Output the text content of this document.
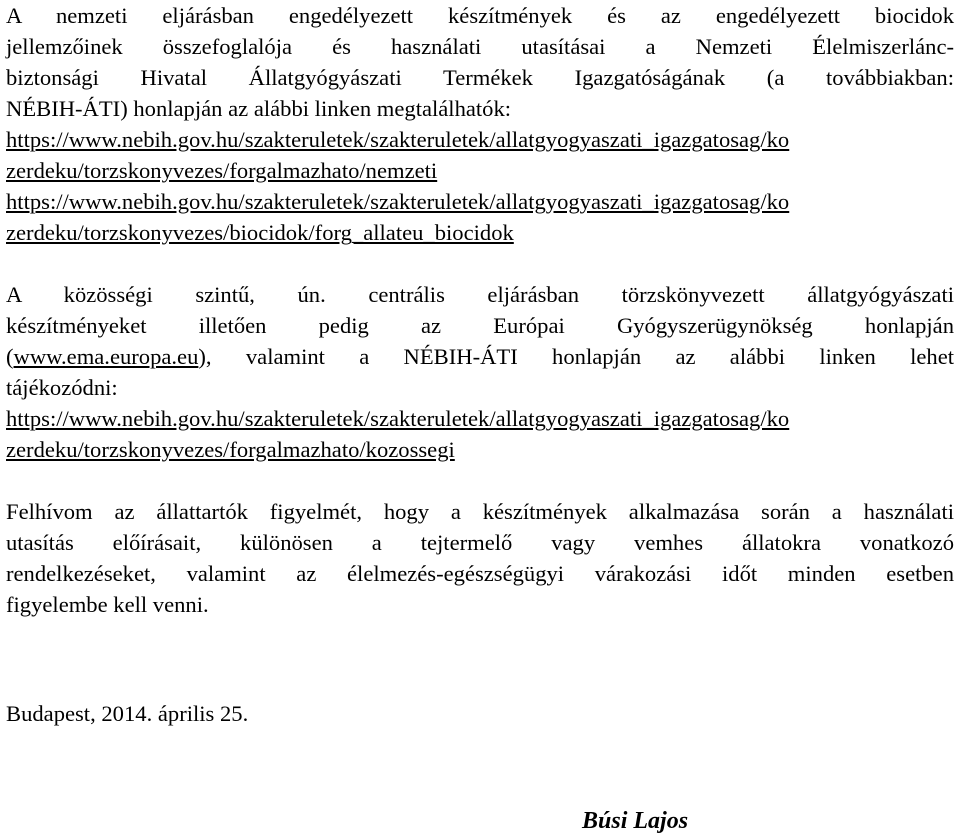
A nemzeti eljárásban engedélyezett készítmények és az engedélyezett biocidok
jellemzőinek összefoglalója és használati utasításai a Nemzeti Élelmiszerlánc-
biztonsági Hivatal Állatgyógyászati Termékek Igazgatóságának (a továbbiakban:
NÉBIH-ÁTI) honlapján az alábbi linken megtalálhatók:
https://www.nebih.gov.hu/szakteruletek/szakteruletek/allatgyogyaszati_igazgatosag/ko
zerdeku/torzskonyvezes/forgalmazhato/nemzeti
https://www.nebih.gov.hu/szakteruletek/szakteruletek/allatgyogyaszati_igazgatosag/ko
zerdeku/torzskonyvezes/biocidok/forg_allateu_biocidok
A közösségi szintű, ún. centrális eljárásban törzskönyvezett állatgyógyászati
készítményeket illetően pedig az Európai Gyógyszerügynökség honlapján
(www.ema.europa.eu), valamint a NÉBIH-ÁTI honlapján az alábbi linken lehet
tájékozódni:
https://www.nebih.gov.hu/szakteruletek/szakteruletek/allatgyogyaszati_igazgatosag/ko
zerdeku/torzskonyvezes/forgalmazhato/kozossegi
Felhívom az állattartók figyelmét, hogy a készítmények alkalmazása során a használati
utasítás előírásait, különösen a tejtermelő vagy vemhes állatokra vonatkozó
rendelkezéseket, valamint az élelmezés-egészségügyi várakozási időt minden esetben
figyelembe kell venni.
Budapest, 2014. április 25.
Búsi Lajos
